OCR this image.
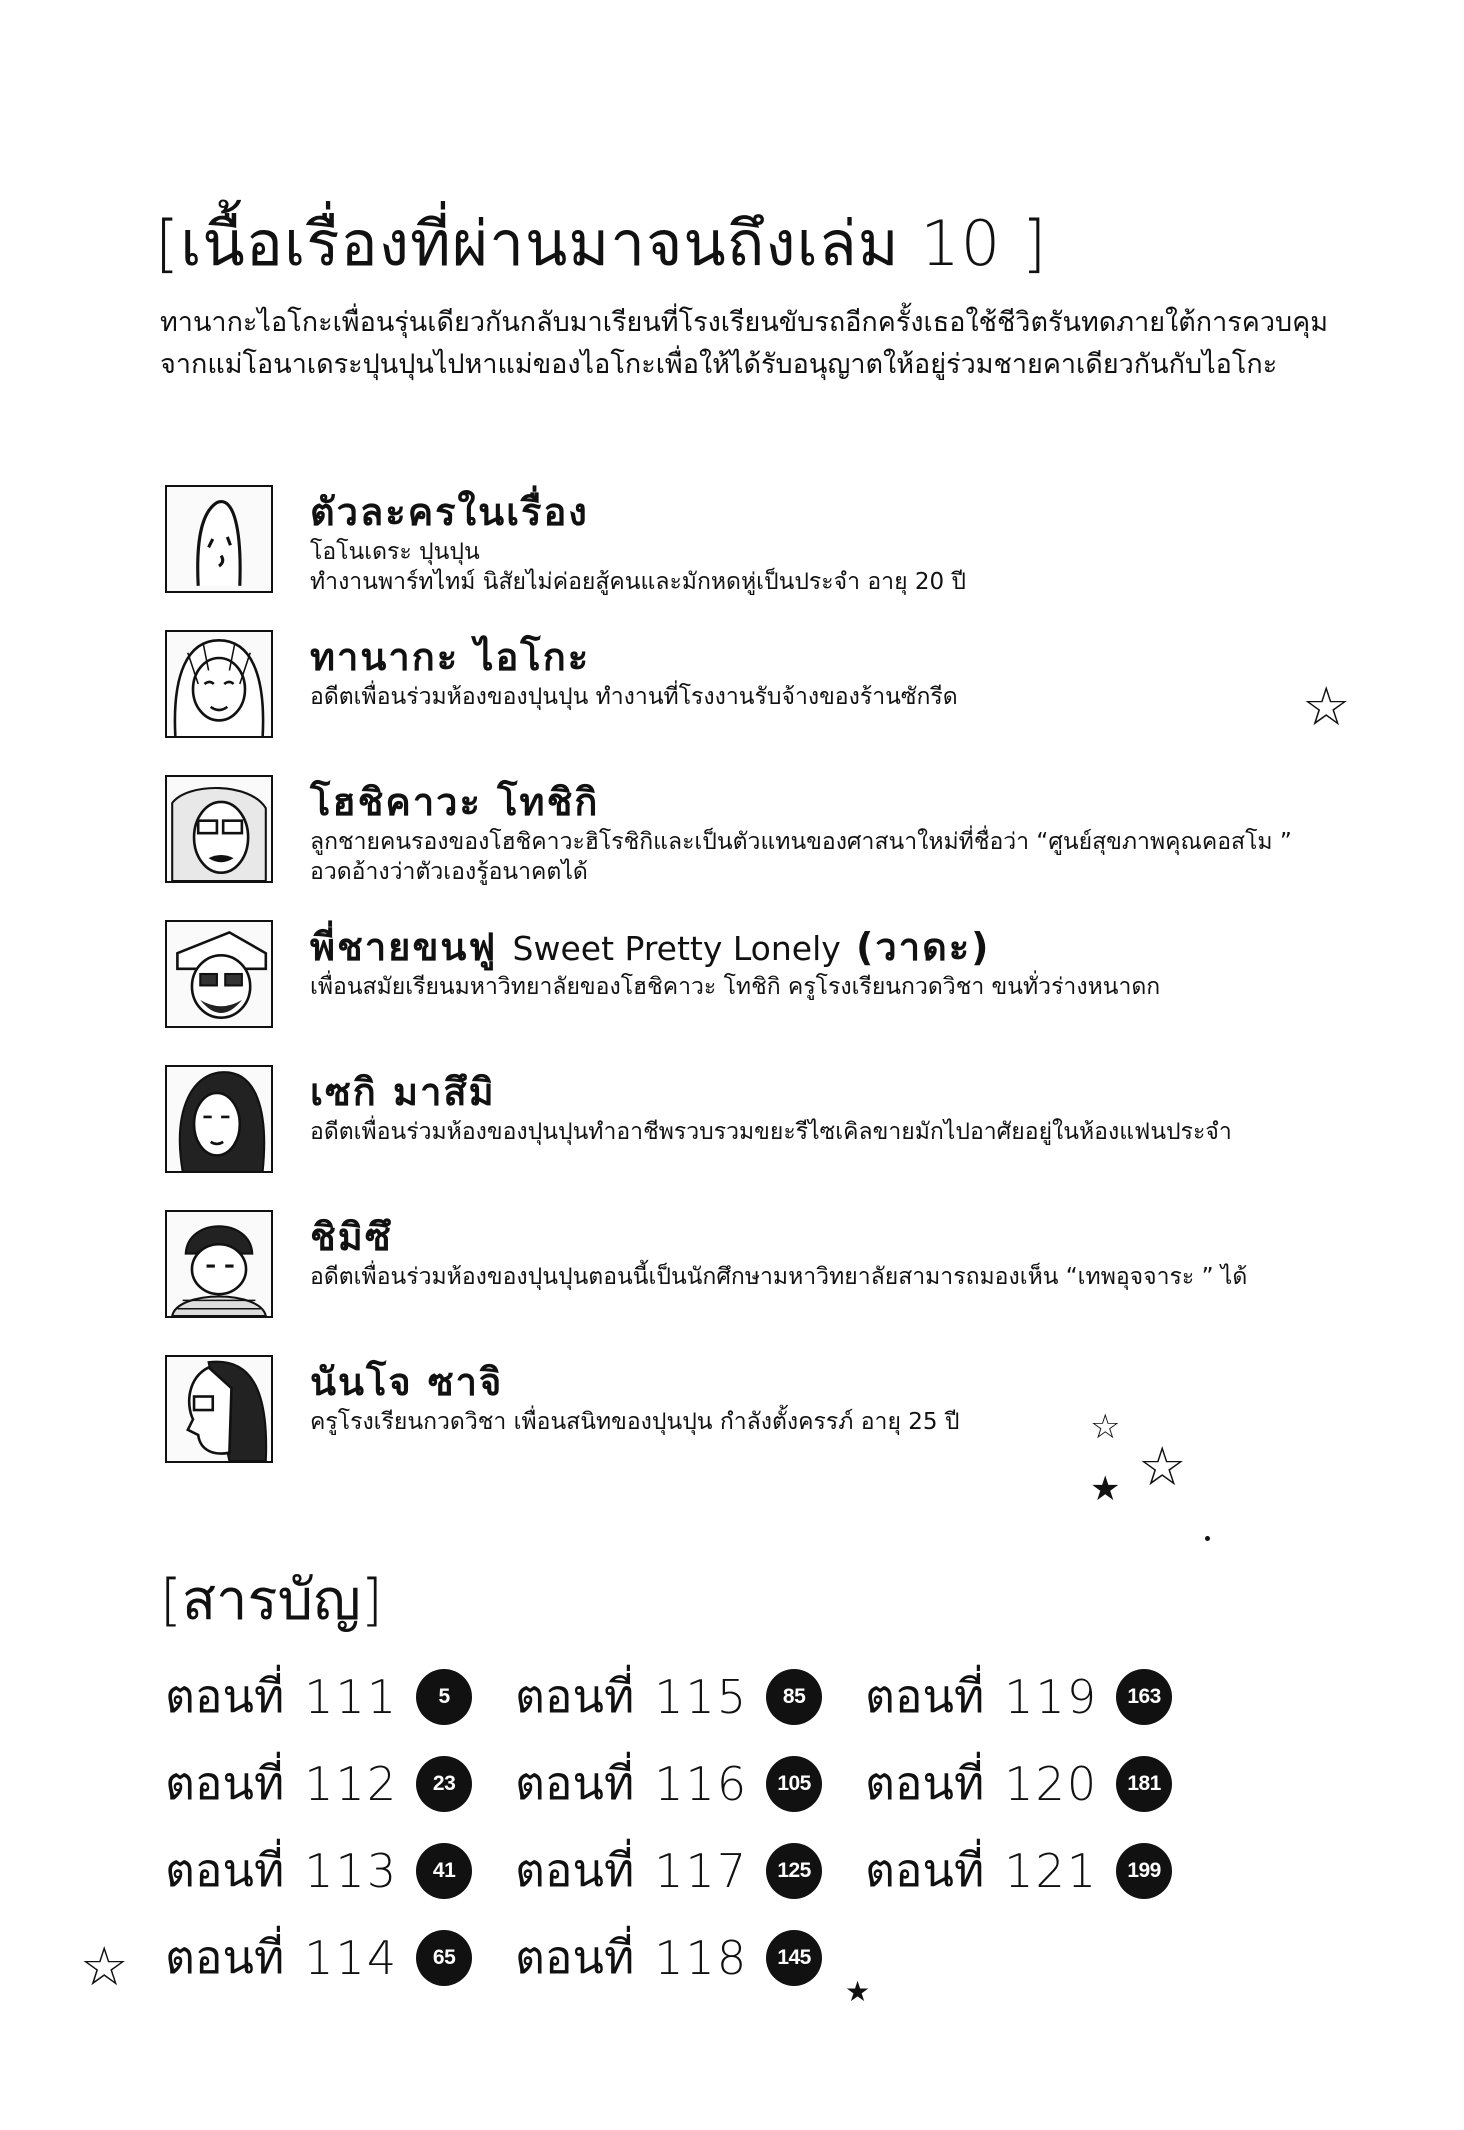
[เนื้อเรื่องที่ผ่านมาจนถึงเล่ม 10 ]
ทานากะไอโกะเพื่อนรุ่นเดียวกันกลับมาเรียนที่โรงเรียนขับรถอีกครั้งเธอใช้ชีวิตรันทดภายใต้การควบคุมจากแม่โอนาเดระปุนปุนไปหาแม่ของไอโกะเพื่อให้ได้รับอนุญาตให้อยู่ร่วมชายคาเดียวกันกับไอโกะ
ตัวละครในเรื่อง
โอโนเดระ ปุนปุน
ทำงานพาร์ทไทม์ นิสัยไม่ค่อยสู้คนและมักหดหู่เป็นประจำ อายุ 20 ปี
ทานากะ ไอโกะ
อดีตเพื่อนร่วมห้องของปุนปุน ทำงานที่โรงงานรับจ้างของร้านซักรีด
โฮชิคาวะ โทชิกิ
ลูกชายคนรองของโฮชิคาวะฮิโรชิกิและเป็นตัวแทนของศาสนาใหม่ที่ชื่อว่า “ศูนย์สุขภาพคุณคอสโม ”
อวดอ้างว่าตัวเองรู้อนาคตได้
พี่ชายขนฟู Sweet Pretty Lonely (วาดะ)
เพื่อนสมัยเรียนมหาวิทยาลัยของโฮชิคาวะ โทชิกิ ครูโรงเรียนกวดวิชา ขนทั่วร่างหนาดก
เซกิ มาสึมิ
อดีตเพื่อนร่วมห้องของปุนปุนทำอาชีพรวบรวมขยะรีไซเคิลขายมักไปอาศัยอยู่ในห้องแฟนประจำ
ชิมิซึ
อดีตเพื่อนร่วมห้องของปุนปุนตอนนี้เป็นนักศึกษามหาวิทยาลัยสามารถมองเห็น “เทพอุจจาระ ” ได้
นันโจ ซาจิ
ครูโรงเรียนกวดวิชา เพื่อนสนิทของปุนปุน กำลังตั้งครรภ์ อายุ 25 ปี
[สารบัญ]
ตอนที่ 111 5
ตอนที่ 112 23
ตอนที่ 113 41
ตอนที่ 114 65
ตอนที่ 115 85
ตอนที่ 116 105
ตอนที่ 117 125
ตอนที่ 118 145
ตอนที่ 119 163
ตอนที่ 120 181
ตอนที่ 121 199
☆
☆
☆
★
☆	★
